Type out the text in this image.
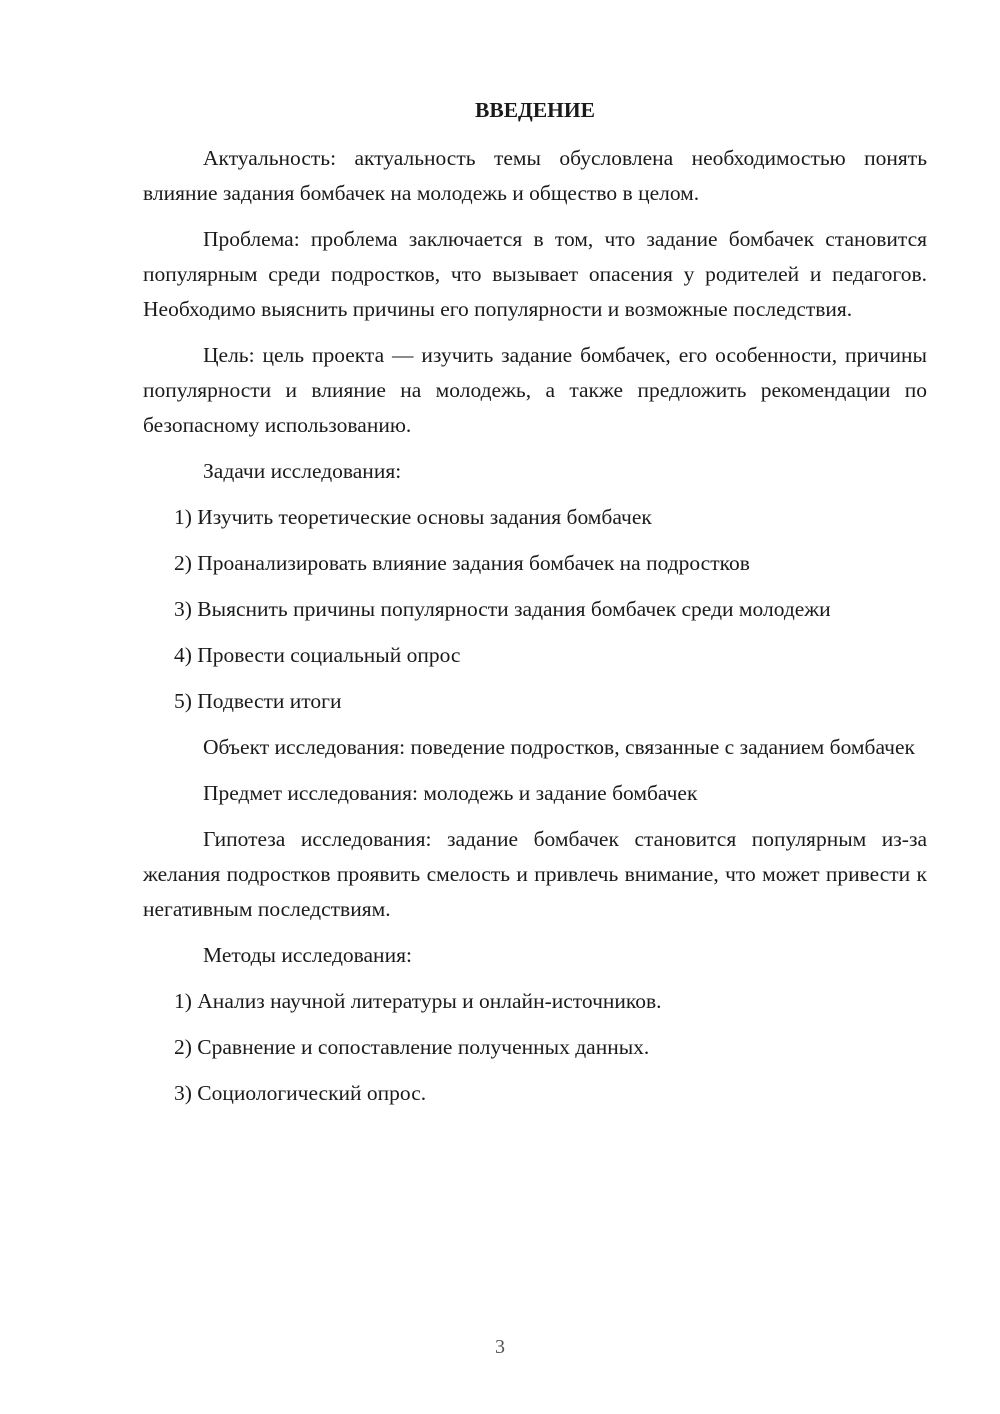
ВВЕДЕНИЕ

Актуальность: актуальность темы обусловлена необходимостью понять влияние задания бомбачек на молодежь и общество в целом.

Проблема: проблема заключается в том, что задание бомбачек становится популярным среди подростков, что вызывает опасения у родителей и педагогов. Необходимо выяснить причины его популярности и возможные последствия.

Цель: цель проекта — изучить задание бомбачек, его особенности, причины популярности и влияние на молодежь, а также предложить рекомендации по безопасному использованию.

Задачи исследования:

1) Изучить теоретические основы задания бомбачек

2) Проанализировать влияние задания бомбачек на подростков

3) Выяснить причины популярности задания бомбачек среди молодежи

4) Провести социальный опрос

5) Подвести итоги

Объект исследования: поведение подростков, связанные с заданием бомбачек

Предмет исследования: молодежь и задание бомбачек

Гипотеза исследования: задание бомбачек становится популярным из-за желания подростков проявить смелость и привлечь внимание, что может привести к негативным последствиям.

Методы исследования:

1) Анализ научной литературы и онлайн-источников.

2) Сравнение и сопоставление полученных данных.

3) Социологический опрос.

3
